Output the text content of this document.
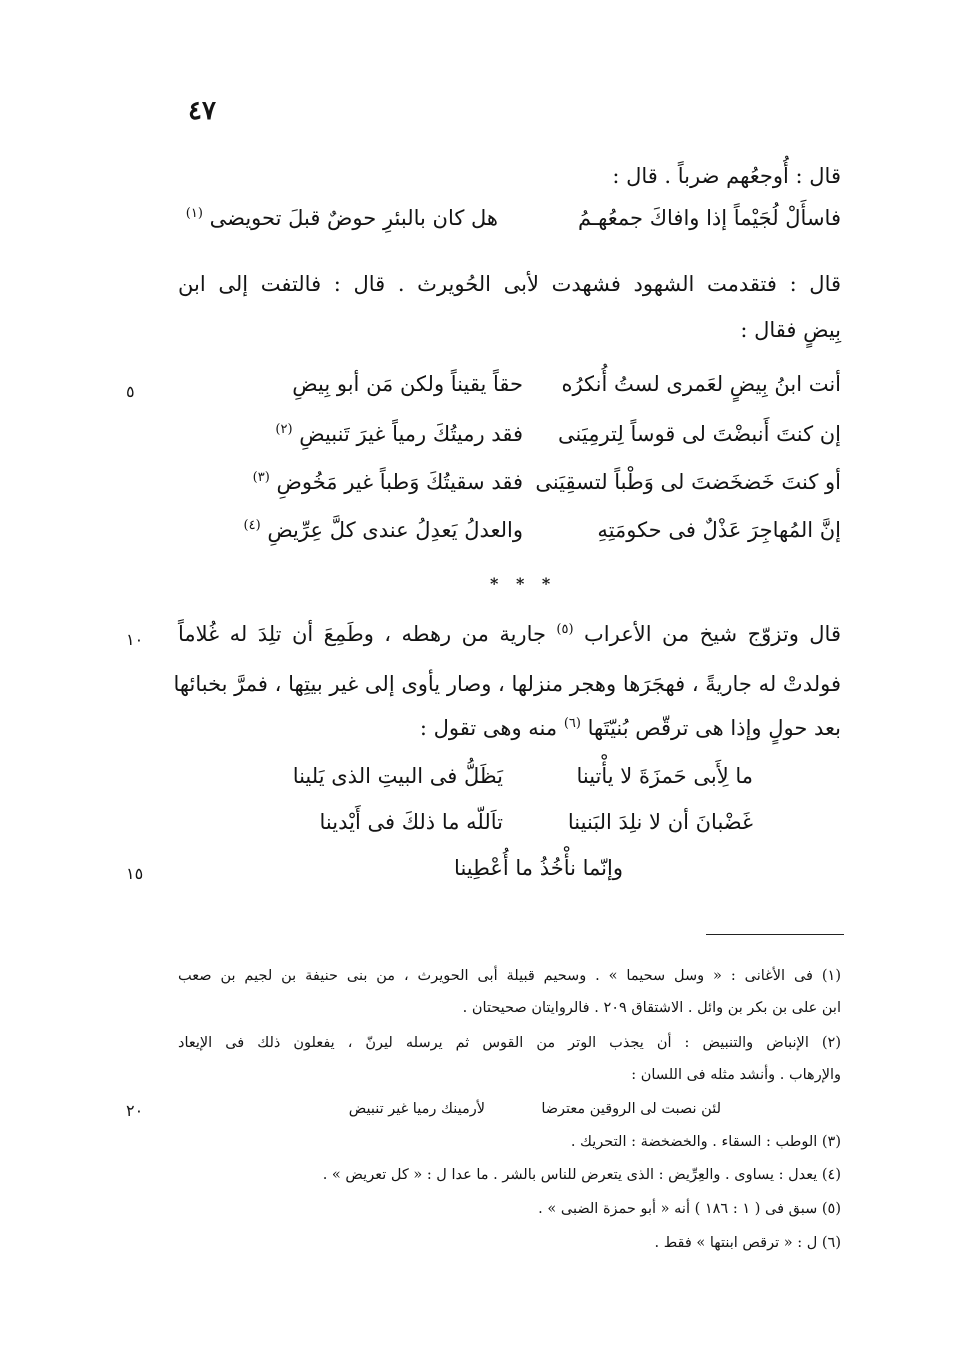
٤٧
قال : أُوجعُهم ضرباً . قال :
فاسأَلْ لُجَيْماً إذا وافاكَ جمعُهـمُ
هل كان بالبئرِ حوضٌ قبلَ تحويضى $^{(١)}$
قال : فتقدمت الشهود فشهدت لأبى الحُويرث . قال : فالتفت إلى ابن
بِيضٍ فقال :
أنت ابنُ بِيضٍ لعَمرى لستُ أُنكرُه
حقاً يقيناً ولكن مَن أبو بِيضِ
٥
إن كنتَ أَنبضْتَ لى قوساً لِترمِيَنى
فقد رميتُكَ رمياً غيرَ تَنبيضِ $^{(٢)}$
أو كنتَ خَضخَضتَ لى وَطْباً لتسقِيَنى
فقد سقيتُكَ وَطباً غير مَخُوضِ $^{(٣)}$
إنَّ المُهاجِرَ عَذْلٌ فى حكومَتِهِ
والعدلُ يَعدِلُ عندى كلَّ عِرِّيضِ $^{(٤)}$
* * *
قال وتزوّج شيخ من الأعراب $^{(٥)}$ جارية من رهطه ، وطَمِعَ أن تلِدَ له غُلاماً
١٠
فولدتْ له جاريةً ، فهجَرَها وهجر منزلها ، وصار يأوى إلى غير بيتِها ، فمرَّ بخبائها
بعد حولٍ وإذا هى ترقّص بُنيّتَها $^{(٦)}$ منه وهى تقول :
ما لِأَبى حَمزَةَ لا يأْتينا
يَظَلُّ فى البيتِ الذى يَلينا
غَضْبانَ أن لا نلِدَ البَنينا
تاَللّه ما ذلكَ فى أَيْدينا
وإنّما نأْخُذُ ما أُعْطِينا
١٥
(١) فى الأغانى : « وسل سحيما » . وسحيم قبيلة أبى الحويرث ، من بنى حنيفة بن لجيم بن صعب
ابن على بن بكر بن وائل . الاشتقاق ٢٠٩ . فالروايتان صحيحتان .
(٢) الإنباض والتنبيض : أن يجذب الوتر من القوس ثم يرسله ليرنّ ، يفعلون ذلك فى الإيعاد
والإرهاب . وأنشد مثله فى اللسان :
لئن نصبت لى الروقين معترضا
لأرمينك رميا غير تنبيض
٢٠
(٣) الوطب : السقاء . والخضخضة : التحريك .
(٤) يعدل : يساوى . والعِرِّيض : الذى يتعرض للناس بالشر . ما عدا ل : « كل تعريض » .
(٥) سبق فى ( ١ : ١٨٦ ) أنه « أبو حمزة الضبى » .
(٦) ل : « ترقص ابنتها » فقط .
